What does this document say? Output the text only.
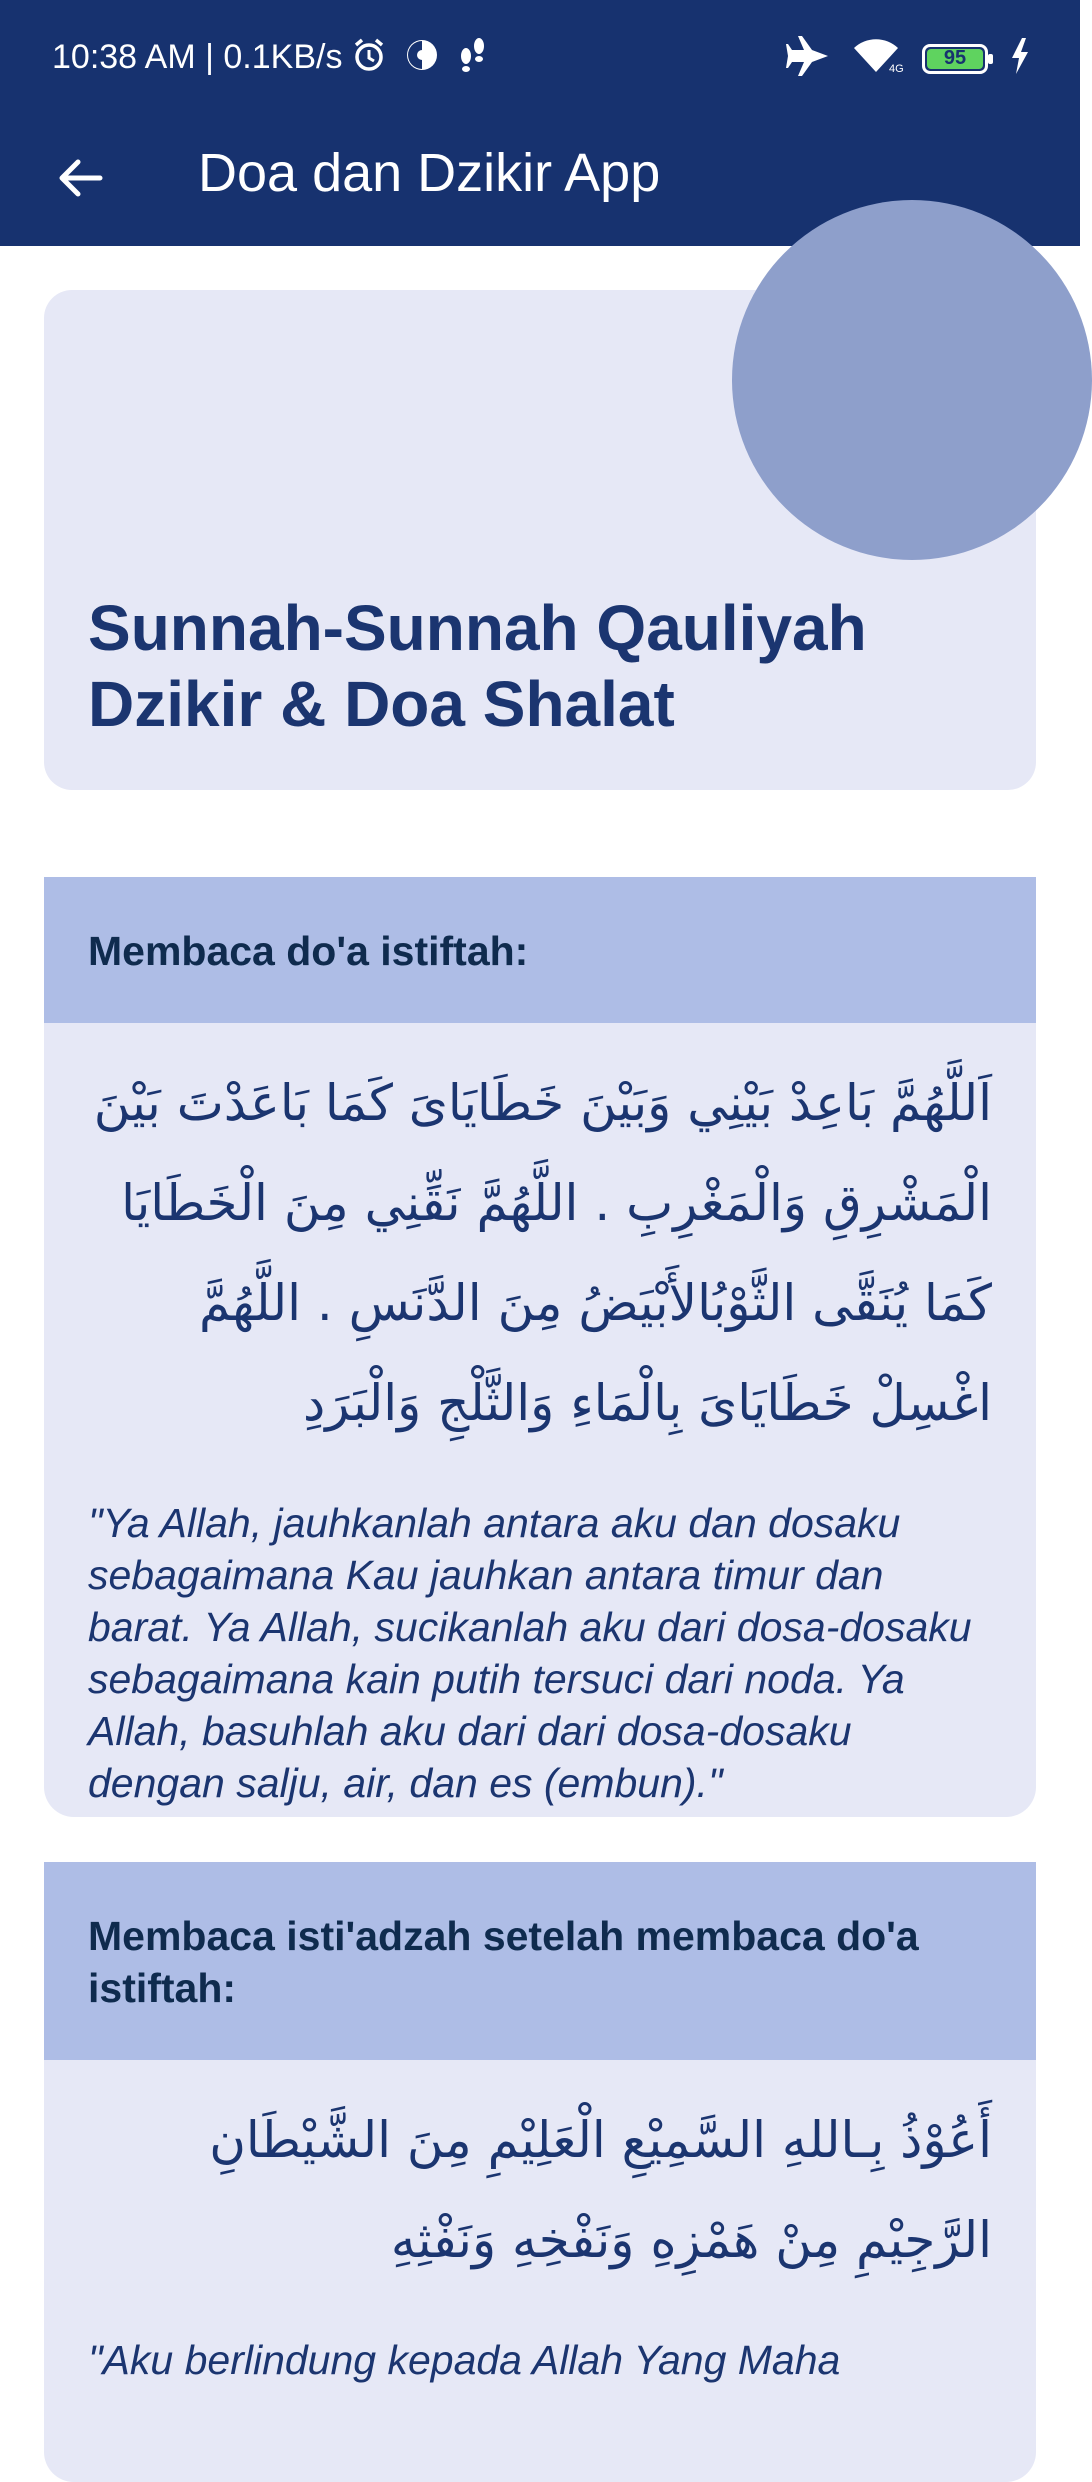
10:38 AM | 0.1KB/s	4G 95
Doa dan Dzikir App
Sunnah-Sunnah Qauliyah Dzikir & Doa Shalat
Membaca do'a istiftah:
اَللَّهُمَّ بَاعِدْ بَيْنِي وَبَيْنَ خَطَايَایَ كَمَا بَاعَدْتَ بَيْنَ الْمَشْرِقِ وَالْمَغْرِبِ . اللَّهُمَّ نَقِّنِي مِنَ الْخَطَايَا كَمَا يُنَقَّى الثَّوْبُالأَبْيَضُ مِنَ الدَّنَسِ . اللَّهُمَّ اغْسِلْ خَطَايَایَ بِالْمَاءِ وَالثَّلْجِ وَالْبَرَدِ
"Ya Allah, jauhkanlah antara aku dan dosaku sebagaimana Kau jauhkan antara timur dan barat. Ya Allah, sucikanlah aku dari dosa-dosaku sebagaimana kain putih tersuci dari noda. Ya Allah, basuhlah aku dari dari dosa-dosaku dengan salju, air, dan es (embun)."
Membaca isti'adzah setelah membaca do'a istiftah:
أَعُوْذُ بِـاللهِ السَّمِيْعِ الْعَلِيْمِ مِنَ الشَّيْطَانِ الرَّجِيْمِ مِنْ هَمْزِهِ وَنَفْخِهِ وَنَفْثِهِ
"Aku berlindung kepada Allah Yang Maha
